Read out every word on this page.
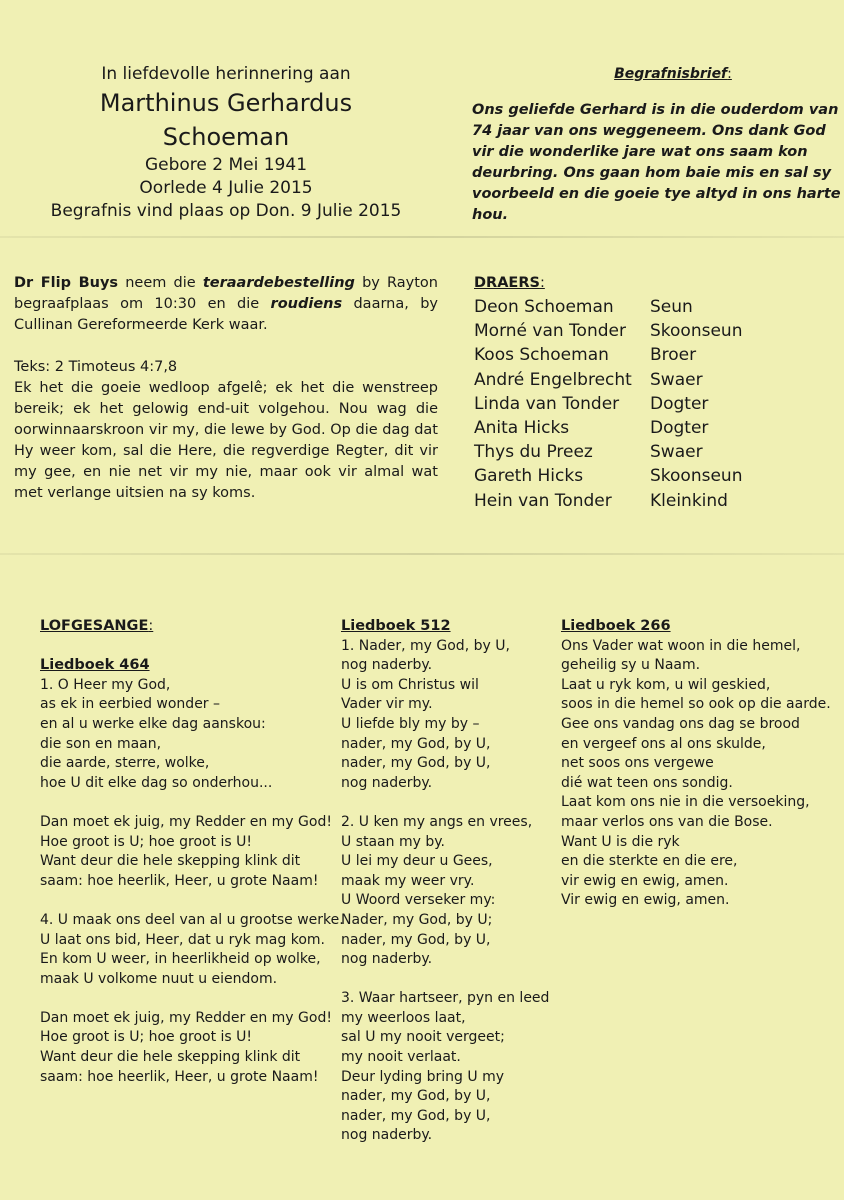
In liefdevolle herinnering aan
Marthinus Gerhardus Schoeman
Gebore 2 Mei 1941
Oorlede 4 Julie 2015
Begrafnis vind plaas op Don. 9 Julie 2015
Begrafnisbrief:
Ons geliefde Gerhard is in die ouderdom van 74 jaar van ons weggeneem. Ons dank God vir die wonderlike jare wat ons saam kon deurbring. Ons gaan hom baie mis en sal sy voorbeeld en die goeie tye altyd in ons harte hou.

Dr Flip Buys neem die teraardebestelling by Rayton begraafplaas om 10:30 en die roudiens daarna, by Cullinan Gereformeerde Kerk waar.

Teks: 2 Timoteus 4:7,8

Ek het die goeie wedloop afgelê; ek het die wenstreep bereik; ek het gelowig end-uit volgehou. Nou wag die oorwinnaarskroon vir my, die lewe by God. Op die dag dat Hy weer kom, sal die Here, die regverdige Regter, dit vir my gee, en nie net vir my nie, maar ook vir almal wat met verlange uitsien na sy koms.

DRAERS:
Deon Schoeman	Seun
Morné van Tonder	Skoonseun
Koos Schoeman	Broer
André Engelbrecht	Swaer
Linda van Tonder	Dogter
Anita Hicks	Dogter
Thys du Preez	Swaer
Gareth Hicks	Skoonseun
Hein van Tonder	Kleinkind
LOFGESANGE:
Liedboek 464

1. O Heer my God,

as ek in eerbied wonder –

en al u werke elke dag aanskou:

die son en maan,

die aarde, sterre, wolke,

hoe U dit elke dag so onderhou...

Dan moet ek juig, my Redder en my God!

Hoe groot is U; hoe groot is U!

Want deur die hele skepping klink dit

saam: hoe heerlik, Heer, u grote Naam!

4. U maak ons deel van al u grootse werke.

U laat ons bid, Heer, dat u ryk mag kom.

En kom U weer, in heerlikheid op wolke,

maak U volkome nuut u eiendom.

Dan moet ek juig, my Redder en my God!

Hoe groot is U; hoe groot is U!

Want deur die hele skepping klink dit

saam: hoe heerlik, Heer, u grote Naam!

Liedboek 512

1. Nader, my God, by U,

nog naderby.

U is om Christus wil

Vader vir my.

U liefde bly my by –

nader, my God, by U,

nader, my God, by U,

nog naderby.

2. U ken my angs en vrees,

U staan my by.

U lei my deur u Gees,

maak my weer vry.

U Woord verseker my:

Nader, my God, by U;

nader, my God, by U,

nog naderby.

3. Waar hartseer, pyn en leed

my weerloos laat,

sal U my nooit vergeet;

my nooit verlaat.

Deur lyding bring U my

nader, my God, by U,

nader, my God, by U,

nog naderby.

Liedboek 266

Ons Vader wat woon in die hemel,

geheilig sy u Naam.

Laat u ryk kom, u wil geskied,

soos in die hemel so ook op die aarde.

Gee ons vandag ons dag se brood

en vergeef ons al ons skulde,

net soos ons vergewe

dié wat teen ons sondig.

Laat kom ons nie in die versoeking,

maar verlos ons van die Bose.

Want U is die ryk

en die sterkte en die ere,

vir ewig en ewig, amen.

Vir ewig en ewig, amen.
